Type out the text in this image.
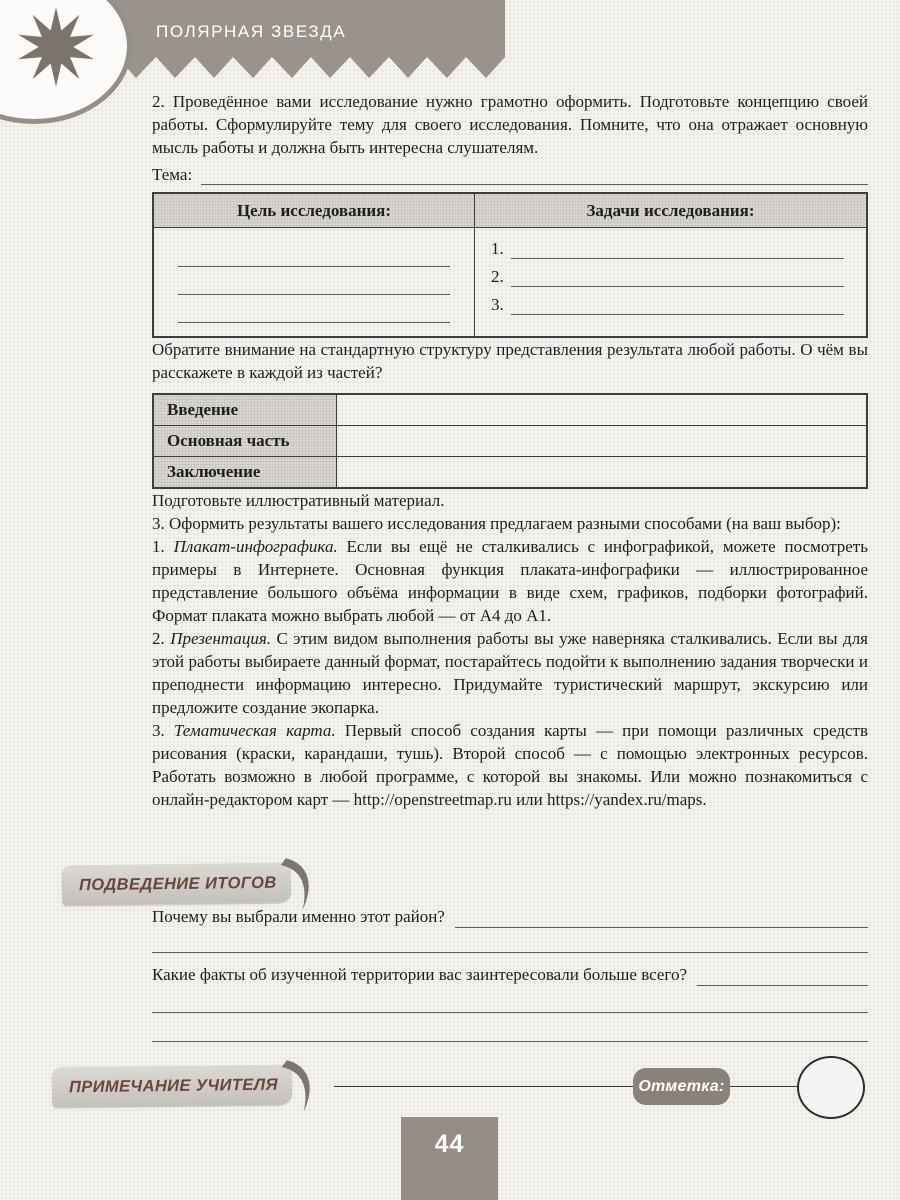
ПОЛЯРНАЯ ЗВЕЗДА

2. Проведённое вами исследование нужно грамотно оформить. Подготовьте концепцию своей работы. Сформулируйте тему для своего исследования. Помните, что она отражает основную мысль работы и должна быть интересна слушателям.

Тема:
Цель исследования:	Задачи исследования:
1.
2.
3.

Обратите внимание на стандартную структуру представления результата любой работы. О чём вы расскажете в каждой из частей?

Введение
Основная часть
Заключение

Подготовьте иллюстративный материал.

3. Оформить результаты вашего исследования предлагаем разными способами (на ваш выбор):

1. Плакат-инфографика. Если вы ещё не сталкивались с инфографикой, можете посмотреть примеры в Интернете. Основная функция плаката-инфографики — иллюстрированное представление большого объёма информации в виде схем, графиков, подборки фотографий. Формат плаката можно выбрать любой — от А4 до А1.

2. Презентация. С этим видом выполнения работы вы уже наверняка сталкивались. Если вы для этой работы выбираете данный формат, постарайтесь подойти к выполнению задания творчески и преподнести информацию интересно. Придумайте туристический маршрут, экскурсию или предложите создание экопарка.

3. Тематическая карта. Первый способ создания карты — при помощи различных средств рисования (краски, карандаши, тушь). Второй способ — с помощью электронных ресурсов. Работать возможно в любой программе, с которой вы знакомы. Или можно познакомиться с онлайн-редактором карт — http://openstreetmap.ru или https://yandex.ru/maps.

ПОДВЕДЕНИЕ ИТОГОВ
Почему вы выбрали именно этот район?
Какие факты об изученной территории вас заинтересовали больше всего?
ПРИМЕЧАНИЕ УЧИТЕЛЯ	Отметка:
44
